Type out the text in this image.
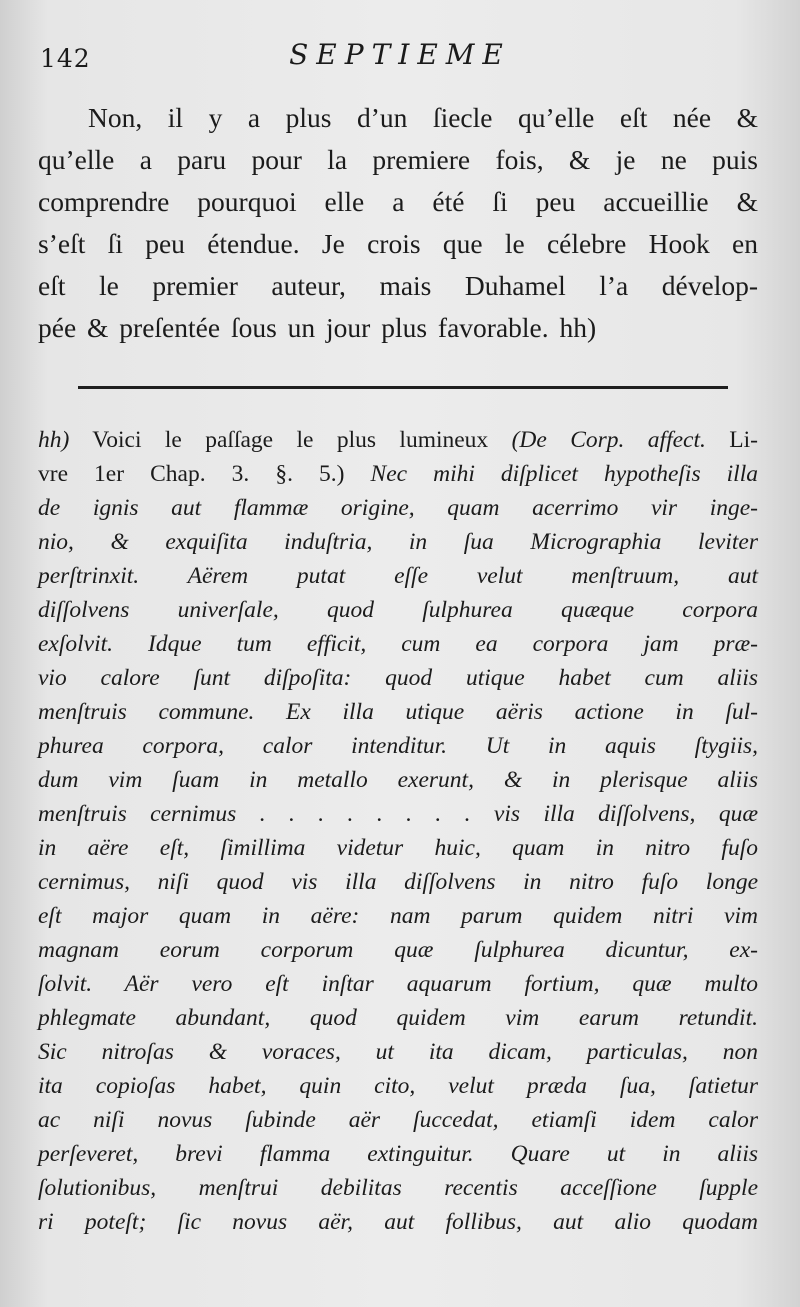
142	SEPTIEME
Non, il y a plus d’un ſiecle qu’elle eſt née &
qu’elle a paru pour la premiere fois, & je ne puis
comprendre pourquoi elle a été ſi peu accueillie &
s’eſt ſi peu étendue. Je crois que le célebre Hook en
eſt le premier auteur, mais Duhamel l’a dévelop-
pée & preſentée ſous un jour plus favorable. hh)
hh) Voici le paſſage le plus lumineux (De Corp. affect. Li-
vre 1er Chap. 3. §. 5.) Nec mihi diſplicet hypotheſis illa
de ignis aut flammæ origine, quam acerrimo vir inge-
nio, & exquiſita induſtria, in ſua Micrographia leviter
perſtrinxit. Aërem putat eſſe velut menſtruum, aut
diſſolvens univerſale, quod ſulphurea quæque corpora
exſolvit. Idque tum efficit, cum ea corpora jam præ-
vio calore ſunt diſpoſita: quod utique habet cum aliis
menſtruis commune. Ex illa utique aëris actione in ſul-
phurea corpora, calor intenditur. Ut in aquis ſtygiis,
dum vim ſuam in metallo exerunt, & in plerisque aliis
menſtruis cernimus . . . . . . . . vis illa diſſolvens, quæ
in aëre eſt, ſimillima videtur huic, quam in nitro fuſo
cernimus, niſi quod vis illa diſſolvens in nitro fuſo longe
eſt major quam in aëre: nam parum quidem nitri vim
magnam eorum corporum quæ ſulphurea dicuntur, ex-
ſolvit. Aër vero eſt inſtar aquarum fortium, quæ multo
phlegmate abundant, quod quidem vim earum retundit.
Sic nitroſas & voraces, ut ita dicam, particulas, non
ita copioſas habet, quin cito, velut præda ſua, ſatietur
ac niſi novus ſubinde aër ſuccedat, etiamſi idem calor
perſeveret, brevi flamma extinguitur. Quare ut in aliis
ſolutionibus, menſtrui debilitas recentis acceſſione ſupple
ri poteſt; ſic novus aër, aut follibus, aut alio quodam
